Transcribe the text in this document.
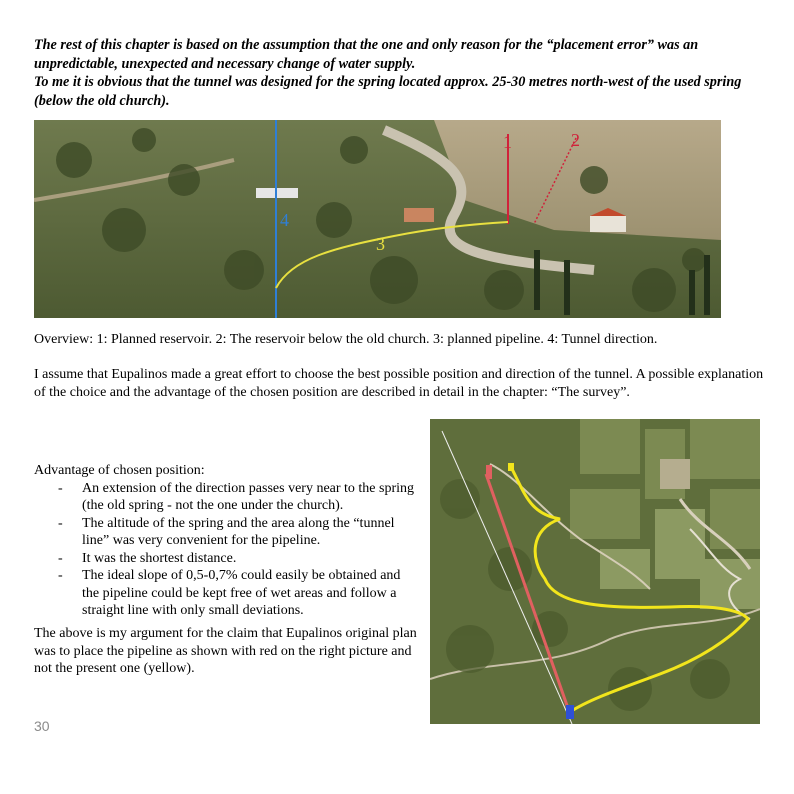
The rest of this chapter is based on the assumption that the one and only reason for the “placement error” was an unpredictable, unexpected and necessary change of water supply.

To me it is obvious that the tunnel was designed for the spring located approx. 25-30 metres north-west of the used spring (below the old church).

1	2
3
4
Overview: 1: Planned reservoir. 2: The reservoir below the old church. 3: planned pipeline. 4: Tunnel direction.

I assume that Eupalinos made a great effort to choose the best possible position and direction of the tunnel. A possible explanation of the choice and the advantage of the chosen position are described in detail in the chapter: “The survey”.

Advantage of chosen position:
- An extension of the direction passes very near to the spring (the old spring - not the one under the church).
- The altitude of the spring and the area along the “tunnel line” was very convenient for the pipeline.
- It was the shortest distance.
- The ideal slope of 0,5-0,7% could easily be obtained and the pipeline could be kept free of wet areas and follow a straight line with only small deviations.
The above is my argument for the claim that Eupalinos original plan was to place the pipeline as shown with red on the right picture and not the present one (yellow).
30
